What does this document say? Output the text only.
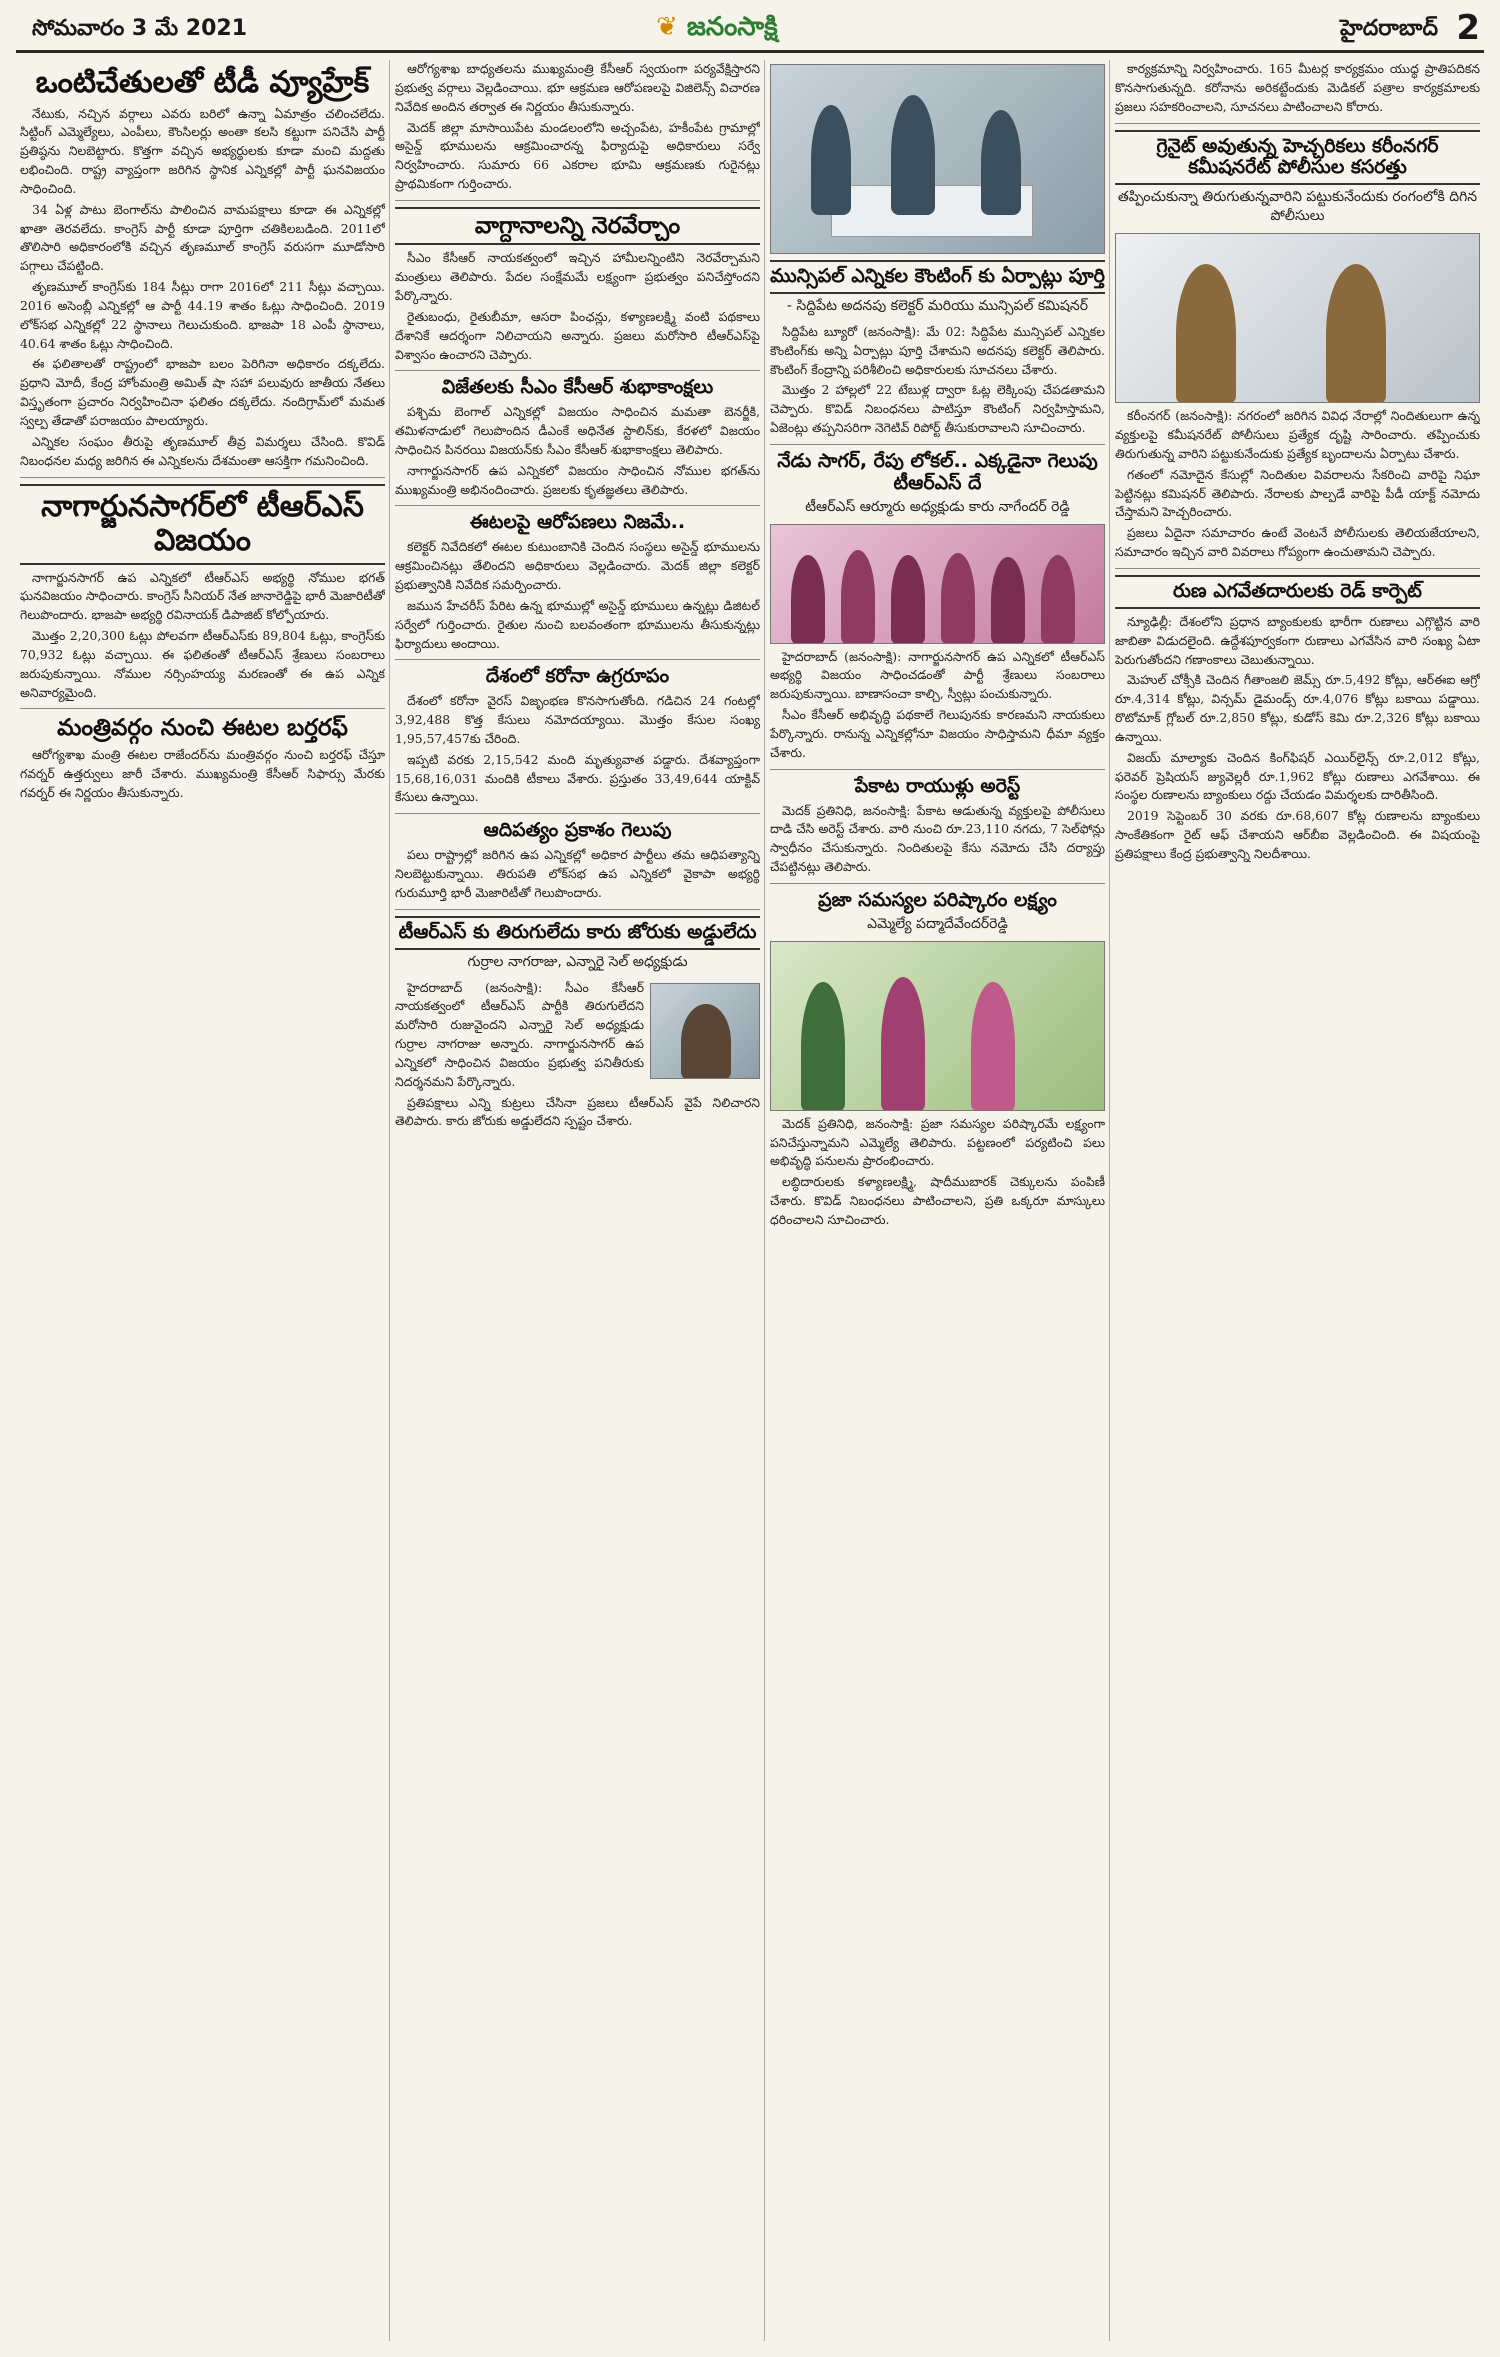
సోమవారం 3 మే 2021	❦ జనంసాక్షి	హైదరాబాద్ 2
ఒంటిచేతులతో టీడీ వ్యూహ్రేక్

నేటుకు, నచ్చిన వర్గాలు ఎవరు బరిలో ఉన్నా ఏమాత్రం చలించలేదు. సిట్టింగ్ ఎమ్మెల్యేలు, ఎంపీలు, కౌంసిలర్లు అంతా కలసి కట్టుగా పనిచేసి పార్టీ ప్రతిష్ఠను నిలబెట్టారు. కొత్తగా వచ్చిన అభ్యర్థులకు కూడా మంచి మద్దతు లభించింది. రాష్ట్ర వ్యాప్తంగా జరిగిన స్థానిక ఎన్నికల్లో పార్టీ ఘనవిజయం సాధించింది.

34 ఏళ్ల పాటు బెంగాల్‌ను పాలించిన వామపక్షాలు కూడా ఈ ఎన్నికల్లో ఖాతా తెరవలేదు. కాంగ్రెస్ పార్టీ కూడా పూర్తిగా చతికిలబడింది. 2011లో తొలిసారి అధికారంలోకి వచ్చిన తృణమూల్ కాంగ్రెస్ వరుసగా మూడోసారి పగ్గాలు చేపట్టింది.

తృణమూల్ కాంగ్రెస్‌కు 184 సీట్లు రాగా 2016లో 211 సీట్లు వచ్చాయి. 2016 అసెంబ్లీ ఎన్నికల్లో ఆ పార్టీ 44.19 శాతం ఓట్లు సాధించింది. 2019 లోక్‌సభ ఎన్నికల్లో 22 స్థానాలు గెలుచుకుంది. భాజపా 18 ఎంపీ స్థానాలు, 40.64 శాతం ఓట్లు సాధించింది.

ఈ ఫలితాలతో రాష్ట్రంలో భాజపా బలం పెరిగినా అధికారం దక్కలేదు. ప్రధాని మోదీ, కేంద్ర హోంమంత్రి అమిత్‌ షా సహా పలువురు జాతీయ నేతలు విస్తృతంగా ప్రచారం నిర్వహించినా ఫలితం దక్కలేదు. నందిగ్రామ్‌లో మమత స్వల్ప తేడాతో పరాజయం పాలయ్యారు.

ఎన్నికల సంఘం తీరుపై తృణమూల్ తీవ్ర విమర్శలు చేసింది. కొవిడ్ నిబంధనల మధ్య జరిగిన ఈ ఎన్నికలను దేశమంతా ఆసక్తిగా గమనించింది.

నాగార్జునసాగర్‌లో టీఆర్‌ఎస్‌ విజయం

నాగార్జునసాగర్ ఉప ఎన్నికలో టీఆర్‌ఎస్‌ అభ్యర్థి నోముల భగత్ ఘనవిజయం సాధించారు. కాంగ్రెస్ సీనియర్ నేత జానారెడ్డిపై భారీ మెజారిటీతో గెలుపొందారు. భాజపా అభ్యర్థి రవినాయక్ డిపాజిట్ కోల్పోయారు.

మొత్తం 2,20,300 ఓట్లు పోలవగా టీఆర్‌ఎస్‌కు 89,804 ఓట్లు, కాంగ్రెస్‌కు 70,932 ఓట్లు వచ్చాయి. ఈ ఫలితంతో టీఆర్‌ఎస్‌ శ్రేణులు సంబరాలు జరుపుకున్నాయి. నోముల నర్సింహయ్య మరణంతో ఈ ఉప ఎన్నిక అనివార్యమైంది.

మంత్రివర్గం నుంచి ఈటల బర్తరఫ్

ఆరోగ్యశాఖ మంత్రి ఈటల రాజేందర్‌ను మంత్రివర్గం నుంచి బర్తరఫ్ చేస్తూ గవర్నర్ ఉత్తర్వులు జారీ చేశారు. ముఖ్యమంత్రి కేసీఆర్ సిఫార్సు మేరకు గవర్నర్ ఈ నిర్ణయం తీసుకున్నారు.

ఆరోగ్యశాఖ బాధ్యతలను ముఖ్యమంత్రి కేసీఆర్ స్వయంగా పర్యవేక్షిస్తారని ప్రభుత్వ వర్గాలు వెల్లడించాయి. భూ ఆక్రమణ ఆరోపణలపై విజిలెన్స్ విచారణ నివేదిక అందిన తర్వాత ఈ నిర్ణయం తీసుకున్నారు.

మెదక్ జిల్లా మాసాయిపేట మండలంలోని అచ్చంపేట, హకీంపేట గ్రామాల్లో అసైన్డ్ భూములను ఆక్రమించారన్న ఫిర్యాదుపై అధికారులు సర్వే నిర్వహించారు. సుమారు 66 ఎకరాల భూమి ఆక్రమణకు గురైనట్లు ప్రాథమికంగా గుర్తించారు.

వాగ్దానాలన్ని నెరవేర్చాం

సీఎం కేసీఆర్ నాయకత్వంలో ఇచ్చిన హామీలన్నింటిని నెరవేర్చామని మంత్రులు తెలిపారు. పేదల సంక్షేమమే లక్ష్యంగా ప్రభుత్వం పనిచేస్తోందని పేర్కొన్నారు.

రైతుబంధు, రైతుబీమా, ఆసరా పింఛన్లు, కళ్యాణలక్ష్మి వంటి పథకాలు దేశానికే ఆదర్శంగా నిలిచాయని అన్నారు. ప్రజలు మరోసారి టీఆర్‌ఎస్‌పై విశ్వాసం ఉంచారని చెప్పారు.

విజేతలకు సీఎం కేసీఆర్ శుభాకాంక్షలు

పశ్చిమ బెంగాల్ ఎన్నికల్లో విజయం సాధించిన మమతా బెనర్జీకి, తమిళనాడులో గెలుపొందిన డీఎంకే అధినేత స్టాలిన్‌కు, కేరళలో విజయం సాధించిన పినరయి విజయన్‌కు సీఎం కేసీఆర్ శుభాకాంక్షలు తెలిపారు.

నాగార్జునసాగర్ ఉప ఎన్నికలో విజయం సాధించిన నోముల భగత్‌ను ముఖ్యమంత్రి అభినందించారు. ప్రజలకు కృతజ్ఞతలు తెలిపారు.

ఈటలపై ఆరోపణలు నిజమే..

కలెక్టర్ నివేదికలో ఈటల కుటుంబానికి చెందిన సంస్థలు అసైన్డ్ భూములను ఆక్రమించినట్లు తేలిందని అధికారులు వెల్లడించారు. మెదక్ జిల్లా కలెక్టర్ ప్రభుత్వానికి నివేదిక సమర్పించారు.

జమున హేచరీస్ పేరిట ఉన్న భూముల్లో అసైన్డ్ భూములు ఉన్నట్లు డిజిటల్ సర్వేలో గుర్తించారు. రైతుల నుంచి బలవంతంగా భూములను తీసుకున్నట్లు ఫిర్యాదులు అందాయి.

దేశంలో కరోనా ఉగ్రరూపం

దేశంలో కరోనా వైరస్ విజృంభణ కొనసాగుతోంది. గడిచిన 24 గంటల్లో 3,92,488 కొత్త కేసులు నమోదయ్యాయి. మొత్తం కేసుల సంఖ్య 1,95,57,457కు చేరింది.

ఇప్పటి వరకు 2,15,542 మంది మృత్యువాత పడ్డారు. దేశవ్యాప్తంగా 15,68,16,031 మందికి టీకాలు వేశారు. ప్రస్తుతం 33,49,644 యాక్టివ్ కేసులు ఉన్నాయి.

ఆదిపత్యం ప్రకాశం గెలుపు

పలు రాష్ట్రాల్లో జరిగిన ఉప ఎన్నికల్లో అధికార పార్టీలు తమ ఆధిపత్యాన్ని నిలబెట్టుకున్నాయి. తిరుపతి లోక్‌సభ ఉప ఎన్నికలో వైకాపా అభ్యర్థి గురుమూర్తి భారీ మెజారిటీతో గెలుపొందారు.

టీఆర్‌ఎస్ కు తిరుగులేదు కారు జోరుకు అడ్డులేదు
గుర్రాల నాగరాజు, ఎన్నారై సెల్ అధ్యక్షుడు

హైదరాబాద్ (జనంసాక్షి): సీఎం కేసీఆర్ నాయకత్వంలో టీఆర్‌ఎస్ పార్టీకి తిరుగులేదని మరోసారి రుజువైందని ఎన్నారై సెల్ అధ్యక్షుడు గుర్రాల నాగరాజు అన్నారు. నాగార్జునసాగర్ ఉప ఎన్నికలో సాధించిన విజయం ప్రభుత్వ పనితీరుకు నిదర్శనమని పేర్కొన్నారు.

ప్రతిపక్షాలు ఎన్ని కుట్రలు చేసినా ప్రజలు టీఆర్‌ఎస్ వైపే నిలిచారని తెలిపారు. కారు జోరుకు అడ్డులేదని స్పష్టం చేశారు.

మున్సిపల్ ఎన్నికల కౌంటింగ్ కు ఏర్పాట్లు పూర్తి
- సిద్దిపేట అదనపు కలెక్టర్ మరియు మున్సిపల్ కమిషనర్

సిద్దిపేట బ్యూరో (జనంసాక్షి): మే 02: సిద్దిపేట మున్సిపల్ ఎన్నికల కౌంటింగ్‌కు అన్ని ఏర్పాట్లు పూర్తి చేశామని అదనపు కలెక్టర్ తెలిపారు. కౌంటింగ్ కేంద్రాన్ని పరిశీలించి అధికారులకు సూచనలు చేశారు.

మొత్తం 2 హాల్లలో 22 టేబుళ్ల ద్వారా ఓట్ల లెక్కింపు చేపడతామని చెప్పారు. కొవిడ్ నిబంధనలు పాటిస్తూ కౌంటింగ్ నిర్వహిస్తామని, ఏజెంట్లు తప్పనిసరిగా నెగెటివ్ రిపోర్ట్ తీసుకురావాలని సూచించారు.

నేడు సాగర్, రేపు లోకల్.. ఎక్కడైనా గెలుపు టీఆర్‌ఎస్ దే
టీఆర్‌ఎస్ ఆర్మూరు అధ్యక్షుడు కారు నాగేందర్ రెడ్డి

హైదరాబాద్ (జనంసాక్షి): నాగార్జునసాగర్ ఉప ఎన్నికలో టీఆర్‌ఎస్ అభ్యర్థి విజయం సాధించడంతో పార్టీ శ్రేణులు సంబరాలు జరుపుకున్నాయి. బాణాసంచా కాల్చి, స్వీట్లు పంచుకున్నారు.

సీఎం కేసీఆర్ అభివృద్ధి పథకాలే గెలుపునకు కారణమని నాయకులు పేర్కొన్నారు. రానున్న ఎన్నికల్లోనూ విజయం సాధిస్తామని ధీమా వ్యక్తం చేశారు.

పేకాట రాయుళ్లు అరెస్ట్

మెదక్ ప్రతినిధి, జనంసాక్షి: పేకాట ఆడుతున్న వ్యక్తులపై పోలీసులు దాడి చేసి అరెస్ట్ చేశారు. వారి నుంచి రూ.23,110 నగదు, 7 సెల్‌ఫోన్లు స్వాధీనం చేసుకున్నారు. నిందితులపై కేసు నమోదు చేసి దర్యాప్తు చేపట్టినట్లు తెలిపారు.

ప్రజా సమస్యల పరిష్కారం లక్ష్యం
ఎమ్మెల్యే పద్మాదేవేందర్‌రెడ్డి

మెదక్ ప్రతినిధి, జనంసాక్షి: ప్రజా సమస్యల పరిష్కారమే లక్ష్యంగా పనిచేస్తున్నామని ఎమ్మెల్యే తెలిపారు. పట్టణంలో పర్యటించి పలు అభివృద్ధి పనులను ప్రారంభించారు.

లబ్ధిదారులకు కళ్యాణలక్ష్మి, షాదీముబారక్ చెక్కులను పంపిణీ చేశారు. కొవిడ్ నిబంధనలు పాటించాలని, ప్రతి ఒక్కరూ మాస్కులు ధరించాలని సూచించారు.

కార్యక్రమాన్ని నిర్వహించారు. 165 మీటర్ల కార్యక్రమం యుధ్ధ ప్రాతిపదికన కొనసాగుతున్నది. కరోనాను అరికట్టేందుకు మెడికల్ పత్రాల కార్యక్రమాలకు ప్రజలు సహకరించాలని, సూచనలు పాటించాలని కోరారు.

గ్రెనైట్ అవుతున్న హెచ్చరికలు కరీంనగర్ కమీషనరేట్ పోలీసుల కసరత్తు
తప్పించుకున్నా తిరుగుతున్నవారిని పట్టుకునేందుకు రంగంలోకి దిగిన పోలీసులు

కరీంనగర్ (జనంసాక్షి): నగరంలో జరిగిన వివిధ నేరాల్లో నిందితులుగా ఉన్న వ్యక్తులపై కమీషనరేట్ పోలీసులు ప్రత్యేక దృష్టి సారించారు. తప్పించుకు తిరుగుతున్న వారిని పట్టుకునేందుకు ప్రత్యేక బృందాలను ఏర్పాటు చేశారు.

గతంలో నమోదైన కేసుల్లో నిందితుల వివరాలను సేకరించి వారిపై నిఘా పెట్టినట్లు కమిషనర్ తెలిపారు. నేరాలకు పాల్పడే వారిపై పీడీ యాక్ట్ నమోదు చేస్తామని హెచ్చరించారు.

ప్రజలు ఏదైనా సమాచారం ఉంటే వెంటనే పోలీసులకు తెలియజేయాలని, సమాచారం ఇచ్చిన వారి వివరాలు గోప్యంగా ఉంచుతామని చెప్పారు.

రుణ ఎగవేతదారులకు రెడ్ కార్పెట్

న్యూఢిల్లీ: దేశంలోని ప్రధాన బ్యాంకులకు భారీగా రుణాలు ఎగ్గొట్టిన వారి జాబితా విడుదలైంది. ఉద్దేశపూర్వకంగా రుణాలు ఎగవేసిన వారి సంఖ్య ఏటా పెరుగుతోందని గణాంకాలు చెబుతున్నాయి.

మెహుల్ చోక్సీకి చెందిన గీతాంజలి జెమ్స్ రూ.5,492 కోట్లు, ఆర్‌ఈఐ ఆగ్రో రూ.4,314 కోట్లు, విన్సమ్ డైమండ్స్ రూ.4,076 కోట్లు బకాయి పడ్డాయి. రొటోమాక్ గ్లోబల్ రూ.2,850 కోట్లు, కుడోస్ కెమి రూ.2,326 కోట్లు బకాయి ఉన్నాయి.

విజయ్ మాల్యాకు చెందిన కింగ్‌ఫిషర్ ఎయిర్‌లైన్స్ రూ.2,012 కోట్లు, ఫరెవర్ ప్రెషియస్ జ్యువెల్లరీ రూ.1,962 కోట్లు రుణాలు ఎగవేశాయి. ఈ సంస్థల రుణాలను బ్యాంకులు రద్దు చేయడం విమర్శలకు దారితీసింది.

2019 సెప్టెంబర్ 30 వరకు రూ.68,607 కోట్ల రుణాలను బ్యాంకులు సాంకేతికంగా రైట్ ఆఫ్ చేశాయని ఆర్‌బీఐ వెల్లడించింది. ఈ విషయంపై ప్రతిపక్షాలు కేంద్ర ప్రభుత్వాన్ని నిలదీశాయి.
